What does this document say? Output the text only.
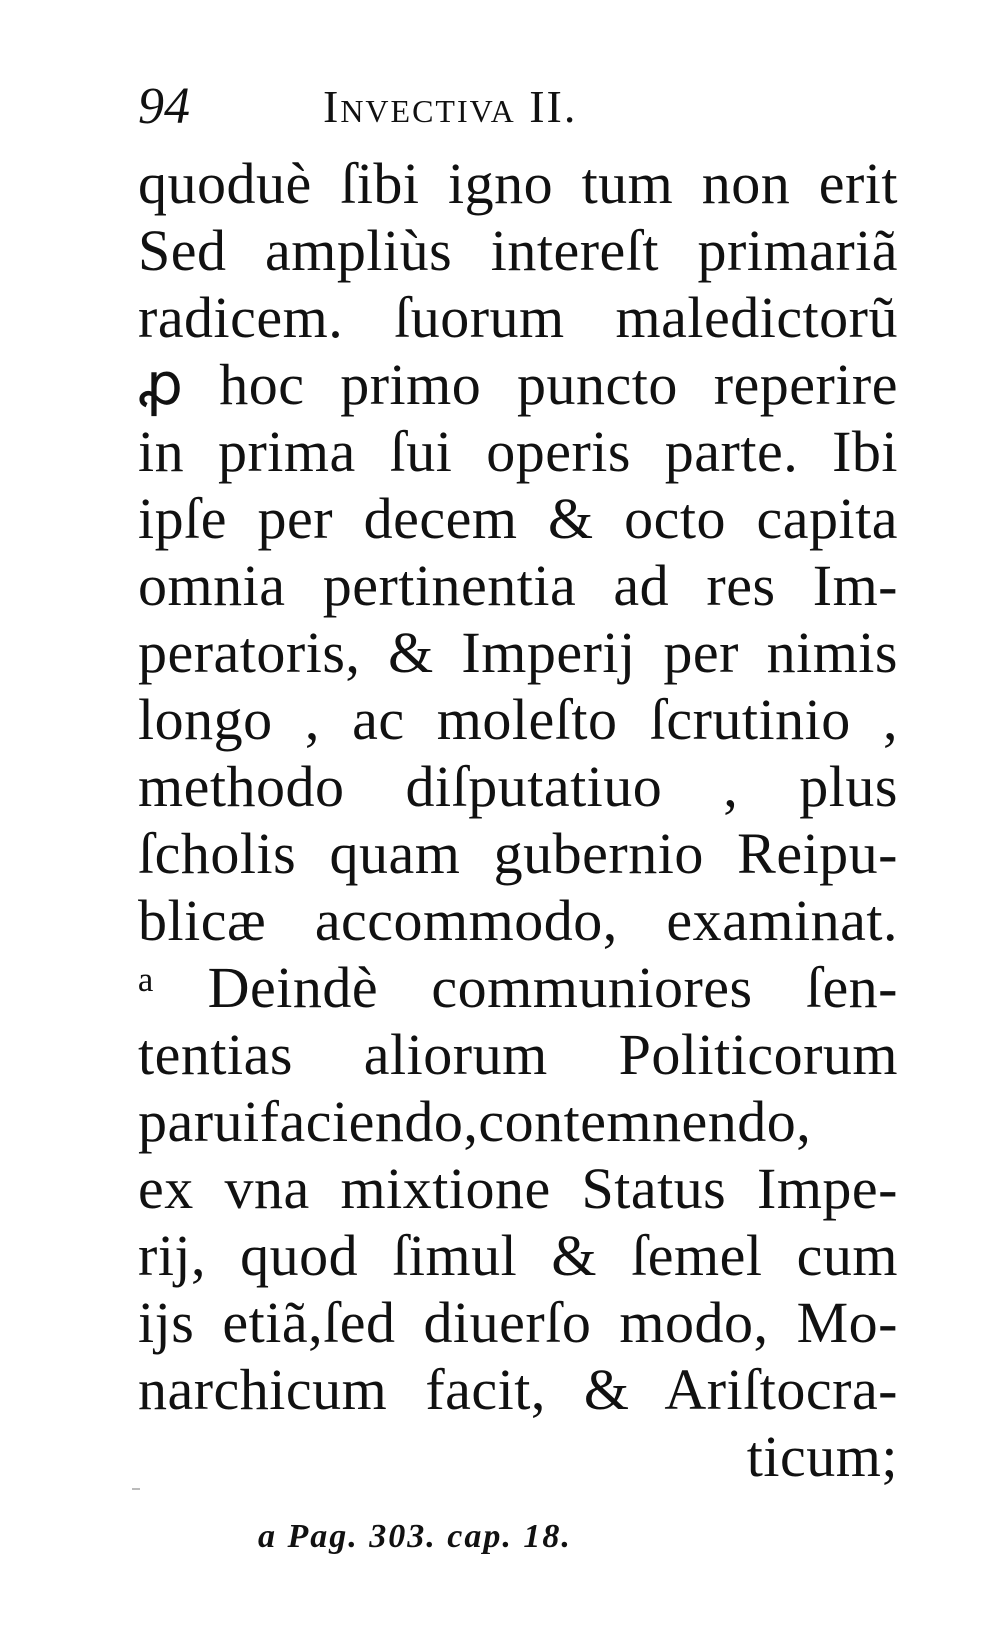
94	Invectiva II.
quoduè ſibi igno tum non erit
Sed ampliùs intereſt primariã
radicem. ſuorum maledictorũ
ꝓ hoc primo puncto reperire
in prima ſui operis parte. Ibi
ipſe per decem & octo capita
omnia pertinentia ad res Im-
peratoris, & Imperij per nimis
longo , ac moleſto ſcrutinio ,
methodo diſputatiuo , plus
ſcholis quam gubernio Reipu-
blicæ accommodo, examinat.
ᵃ Deindè communiores ſen-
tentias aliorum Politicorum
paruifaciendo,contemnendo,
ex vna mixtione Status Impe-
rij, quod ſimul & ſemel cum
ijs etiã,ſed diuerſo modo, Mo-
narchicum facit, & Ariſtocra-
ticum;
a Pag. 303. cap. 18.
